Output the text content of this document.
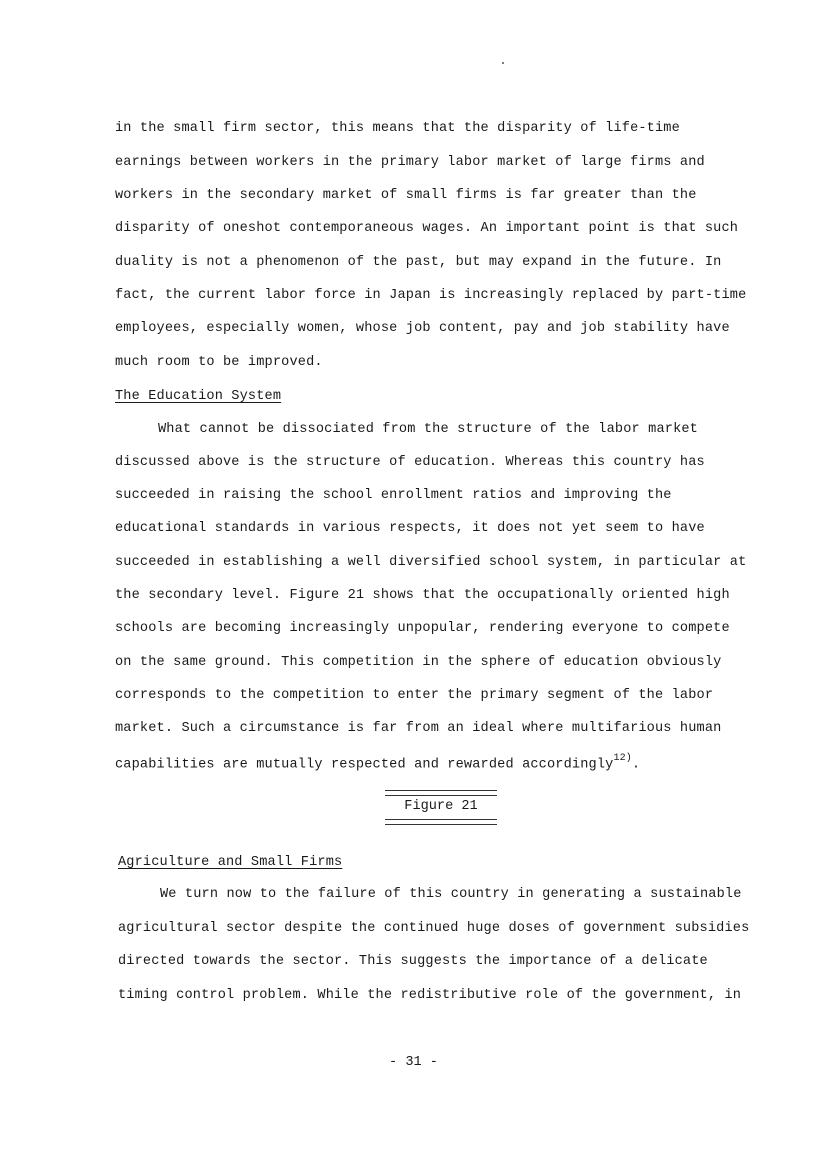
in the small firm sector, this means that the disparity of life-time
earnings between workers in the primary labor market of large firms and
workers in the secondary market of small firms is far greater than the
disparity of oneshot contemporaneous wages. An important point is that such
duality is not a phenomenon of the past, but may expand in the future. In
fact, the current labor force in Japan is increasingly replaced by part-time
employees, especially women, whose job content, pay and job stability have
much room to be improved.
The Education System
What cannot be dissociated from the structure of the labor market
discussed above is the structure of education. Whereas this country has
succeeded in raising the school enrollment ratios and improving the
educational standards in various respects, it does not yet seem to have
succeeded in establishing a well diversified school system, in particular at
the secondary level. Figure 21 shows that the occupationally oriented high
schools are becoming increasingly unpopular, rendering everyone to compete
on the same ground. This competition in the sphere of education obviously
corresponds to the competition to enter the primary segment of the labor
market. Such a circumstance is far from an ideal where multifarious human
capabilities are mutually respected and rewarded accordingly$^{12)}$.
Figure 21
Agriculture and Small Firms
We turn now to the failure of this country in generating a sustainable
agricultural sector despite the continued huge doses of government subsidies
directed towards the sector. This suggests the importance of a delicate
timing control problem. While the redistributive role of the government, in
- 31 -
